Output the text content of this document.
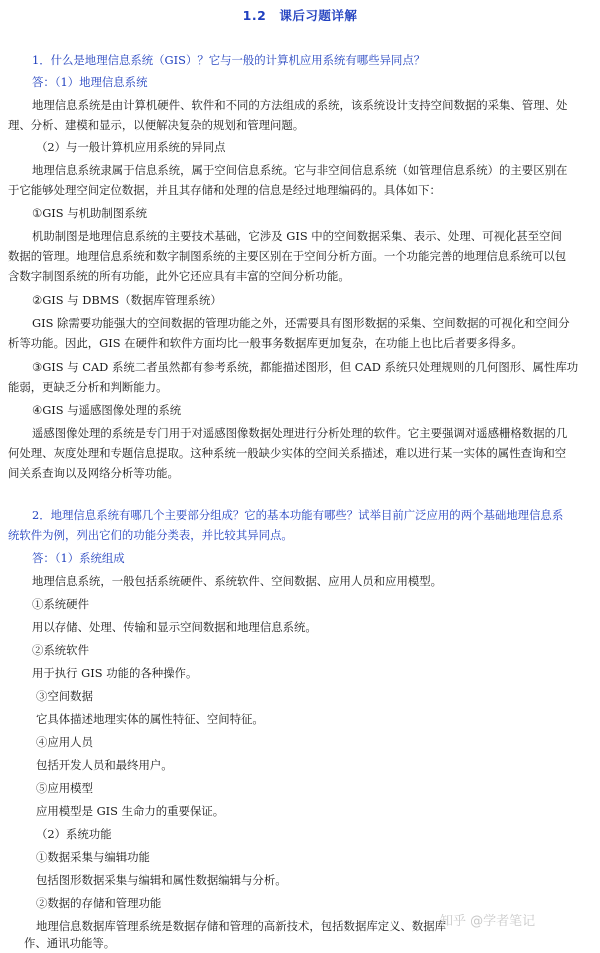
1.2　课后习题详解
1．什么是地理信息系统（GIS）？它与一般的计算机应用系统有哪些异同点？
答：（1）地理信息系统
地理信息系统是由计算机硬件、软件和不同的方法组成的系统，该系统设计支持空间数据的采集、管理、处
理、分析、建模和显示，以便解决复杂的规划和管理问题。
（2）与一般计算机应用系统的异同点
地理信息系统隶属于信息系统，属于空间信息系统。它与非空间信息系统（如管理信息系统）的主要区别在
于它能够处理空间定位数据，并且其存储和处理的信息是经过地理编码的。具体如下：
①GIS 与机助制图系统
机助制图是地理信息系统的主要技术基础，它涉及 GIS 中的空间数据采集、表示、处理、可视化甚至空间
数据的管理。地理信息系统和数字制图系统的主要区别在于空间分析方面。一个功能完善的地理信息系统可以包
含数字制图系统的所有功能，此外它还应具有丰富的空间分析功能。
②GIS 与 DBMS（数据库管理系统）
GIS 除需要功能强大的空间数据的管理功能之外，还需要具有图形数据的采集、空间数据的可视化和空间分
析等功能。因此，GIS 在硬件和软件方面均比一般事务数据库更加复杂，在功能上也比后者要多得多。
③GIS 与 CAD 系统二者虽然都有参考系统，都能描述图形，但 CAD 系统只处理规则的几何图形、属性库功
能弱，更缺乏分析和判断能力。
④GIS 与遥感图像处理的系统
遥感图像处理的系统是专门用于对遥感图像数据处理进行分析处理的软件。它主要强调对遥感栅格数据的几
何处理、灰度处理和专题信息提取。这种系统一般缺少实体的空间关系描述，难以进行某一实体的属性查询和空
间关系查询以及网络分析等功能。
2．地理信息系统有哪几个主要部分组成？它的基本功能有哪些？试举目前广泛应用的两个基础地理信息系
统软件为例，列出它们的功能分类表，并比较其异同点。
答：（1）系统组成
地理信息系统，一般包括系统硬件、系统软件、空间数据、应用人员和应用模型。
①系统硬件
用以存储、处理、传输和显示空间数据和地理信息系统。
②系统软件
用于执行 GIS 功能的各种操作。
③空间数据
它具体描述地理实体的属性特征、空间特征。
④应用人员
包括开发人员和最终用户。
⑤应用模型
应用模型是 GIS 生命力的重要保证。
（2）系统功能
①数据采集与编辑功能
包括图形数据采集与编辑和属性数据编辑与分析。
②数据的存储和管理功能
地理信息数据库管理系统是数据存储和管理的高新技术，包括数据库定义、数据库
作、通讯功能等。
知乎 @学者笔记
